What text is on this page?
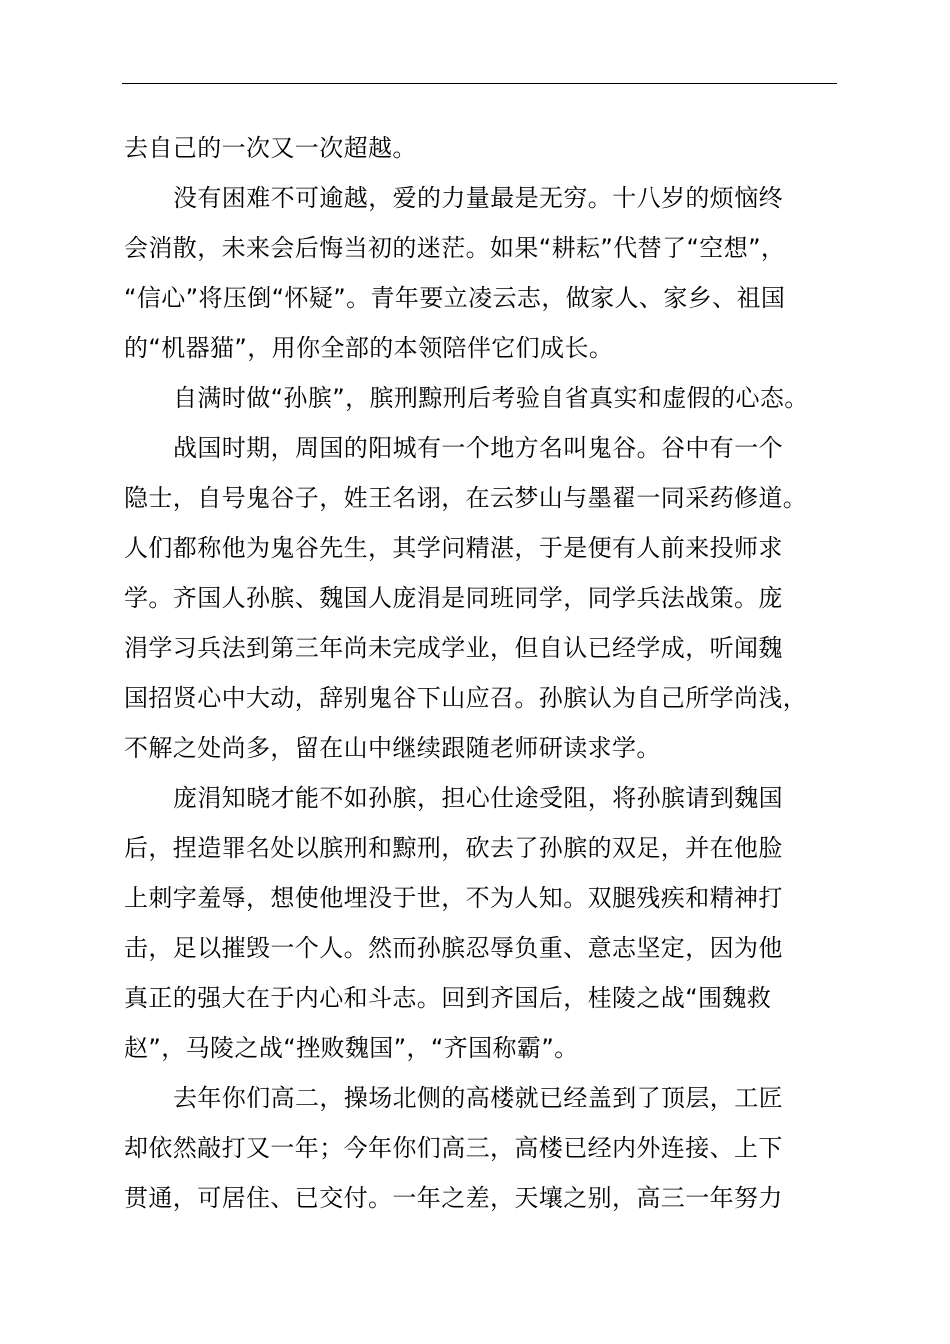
去自己的一次又一次超越。

没有困难不可逾越，爱的力量最是无穷。十八岁的烦恼终

会消散，未来会后悔当初的迷茫。如果“耕耘”代替了“空想”，

“信心”将压倒“怀疑”。青年要立凌云志，做家人、家乡、祖国

的“机器猫”，用你全部的本领陪伴它们成长。

自满时做“孙膑”，膑刑黥刑后考验自省真实和虚假的心态。

战国时期，周国的阳城有一个地方名叫鬼谷。谷中有一个

隐士，自号鬼谷子，姓王名诩，在云梦山与墨翟一同采药修道。

人们都称他为鬼谷先生，其学问精湛，于是便有人前来投师求

学。齐国人孙膑、魏国人庞涓是同班同学，同学兵法战策。庞

涓学习兵法到第三年尚未完成学业，但自认已经学成，听闻魏

国招贤心中大动，辞别鬼谷下山应召。孙膑认为自己所学尚浅，

不解之处尚多，留在山中继续跟随老师研读求学。

庞涓知晓才能不如孙膑，担心仕途受阻，将孙膑请到魏国

后，捏造罪名处以膑刑和黥刑，砍去了孙膑的双足，并在他脸

上刺字羞辱，想使他埋没于世，不为人知。双腿残疾和精神打

击，足以摧毁一个人。然而孙膑忍辱负重、意志坚定，因为他

真正的强大在于内心和斗志。回到齐国后，桂陵之战“围魏救

赵”，马陵之战“挫败魏国”，“齐国称霸”。

去年你们高二，操场北侧的高楼就已经盖到了顶层，工匠

却依然敲打又一年；今年你们高三，高楼已经内外连接、上下

贯通，可居住、已交付。一年之差，天壤之别，高三一年努力
